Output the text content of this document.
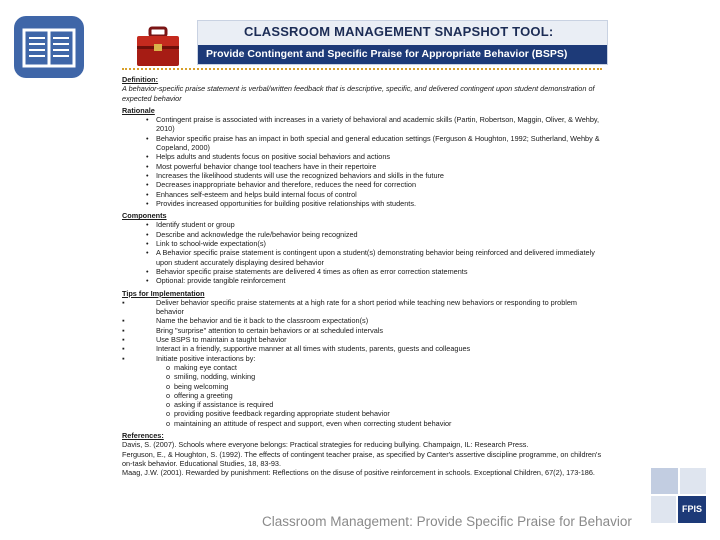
CLASSROOM MANAGEMENT SNAPSHOT TOOL:
Provide Contingent and Specific Praise for Appropriate Behavior (BSPS)
Definition:
A behavior-specific praise statement is verbal/written feedback that is descriptive, specific, and delivered contingent upon student demonstration of expected behavior
Rationale
• Contingent praise is associated with increases in a variety of behavioral and academic skills (Partin, Robertson, Maggin, Oliver, & Wehby, 2010)
• Behavior specific praise has an impact in both special and general education settings (Ferguson & Houghton, 1992; Sutherland, Wehby & Copeland, 2000)
• Helps adults and students focus on positive social behaviors and actions
• Most powerful behavior change tool teachers have in their repertoire
• Increases the likelihood students will use the recognized behaviors and skills in the future
• Decreases inappropriate behavior and therefore, reduces the need for correction
• Enhances self-esteem and helps build internal focus of control
• Provides increased opportunities for building positive relationships with students.
Components
• Identify student or group
• Describe and acknowledge the rule/behavior being recognized
• Link to school-wide expectation(s)
• A Behavior specific praise statement is contingent upon a student(s) demonstrating behavior being reinforced and delivered immediately upon student accurately displaying desired behavior
• Behavior specific praise statements are delivered 4 times as often as error correction statements
• Optional: provide tangible reinforcement
Tips for Implementation
▪ Deliver behavior specific praise statements at a high rate for a short period while teaching new behaviors or responding to problem behavior
▪ Name the behavior and tie it back to the classroom expectation(s)
▪ Bring "surprise" attention to certain behaviors or at scheduled intervals
▪ Use BSPS to maintain a taught behavior
▪ Interact in a friendly, supportive manner at all times with students, parents, guests and colleagues
▪ Initiate positive interactions by:
o making eye contact
o smiling, nodding, winking
o being welcoming
o offering a greeting
o asking if assistance is required
o providing positive feedback regarding appropriate student behavior
o maintaining an attitude of respect and support, even when correcting student behavior
References:
Davis, S. (2007). Schools where everyone belongs: Practical strategies for reducing bullying. Champaign, IL: Research Press.
Ferguson, E., & Houghton, S. (1992). The effects of contingent teacher praise, as specified by Canter's assertive discipline programme, on children's on-task behavior. Educational Studies, 18, 83-93.
Maag, J.W. (2001). Rewarded by punishment: Reflections on the disuse of positive reinforcement in schools. Exceptional Children, 67(2), 173-186.
FPIS
Classroom Management: Provide Specific Praise for Behavior
